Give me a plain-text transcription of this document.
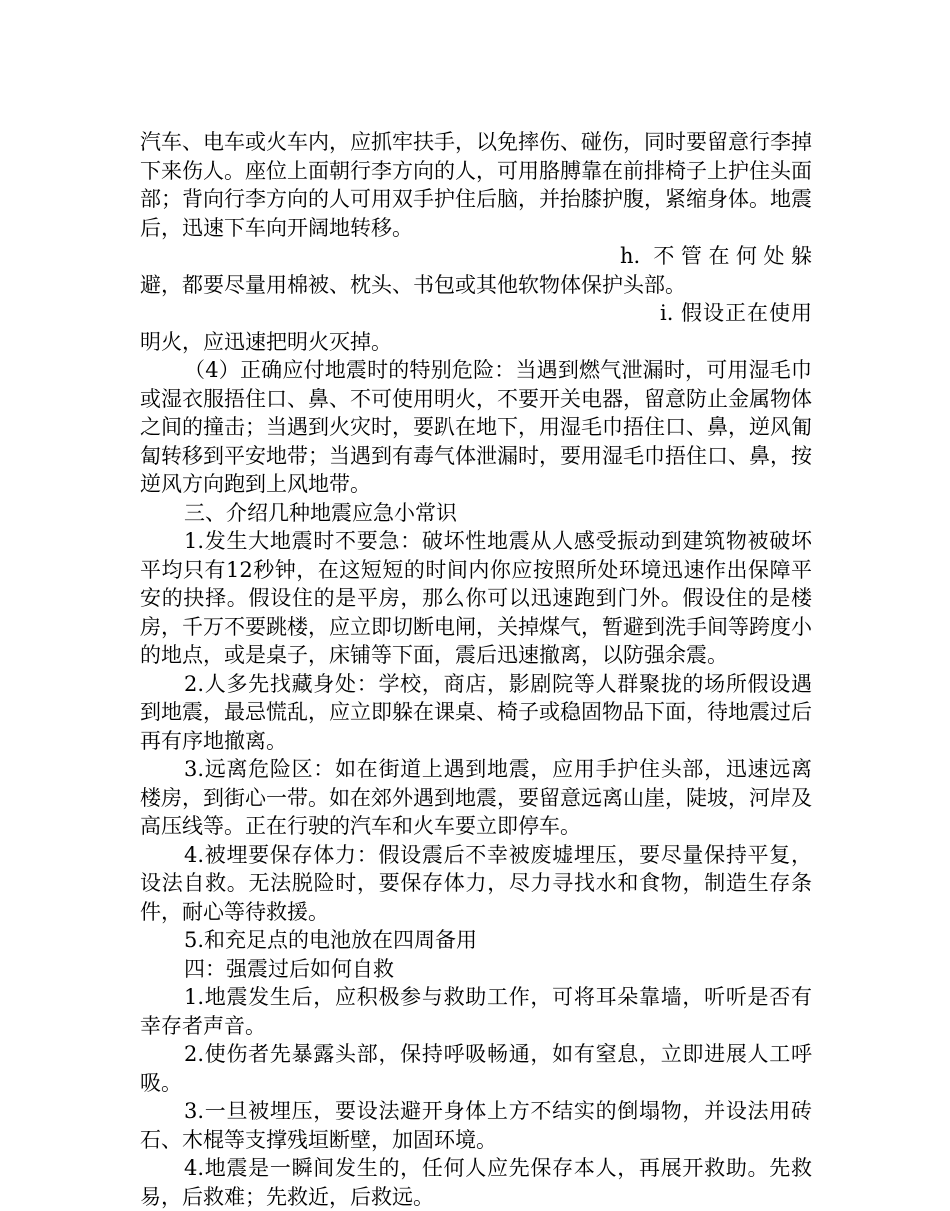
汽车、电车或火车内，应抓牢扶手，以免摔伤、碰伤，同时要留意行李掉下来伤人。座位上面朝行李方向的人，可用胳膊靠在前排椅子上护住头面部；背向行李方向的人可用双手护住后脑，并抬膝护腹，紧缩身体。地震后，迅速下车向开阔地转移。

h. 不管在何处躲避，都要尽量用棉被、枕头、书包或其他软物体保护头部。

i. 假设正在使用明火，应迅速把明火灭掉。

（4）正确应付地震时的特别危险：当遇到燃气泄漏时，可用湿毛巾或湿衣服捂住口、鼻、不可使用明火，不要开关电器，留意防止金属物体之间的撞击；当遇到火灾时，要趴在地下，用湿毛巾捂住口、鼻，逆风匍匐转移到平安地带；当遇到有毒气体泄漏时，要用湿毛巾捂住口、鼻，按逆风方向跑到上风地带。

三、介绍几种地震应急小常识

1.发生大地震时不要急：破坏性地震从人感受振动到建筑物被破坏平均只有12秒钟，在这短短的时间内你应按照所处环境迅速作出保障平安的抉择。假设住的是平房，那么你可以迅速跑到门外。假设住的是楼房，千万不要跳楼，应立即切断电闸，关掉煤气，暂避到洗手间等跨度小的地点，或是桌子，床铺等下面，震后迅速撤离，以防强余震。

2.人多先找藏身处：学校，商店，影剧院等人群聚拢的场所假设遇到地震，最忌慌乱，应立即躲在课桌、椅子或稳固物品下面，待地震过后再有序地撤离。

3.远离危险区：如在街道上遇到地震，应用手护住头部，迅速远离楼房，到街心一带。如在郊外遇到地震，要留意远离山崖，陡坡，河岸及高压线等。正在行驶的汽车和火车要立即停车。

4.被埋要保存体力：假设震后不幸被废墟埋压，要尽量保持平复，设法自救。无法脱险时，要保存体力，尽力寻找水和食物，制造生存条件，耐心等待救援。

5.和充足点的电池放在四周备用

四：强震过后如何自救

1.地震发生后，应积极参与救助工作，可将耳朵靠墙，听听是否有幸存者声音。

2.使伤者先暴露头部，保持呼吸畅通，如有窒息，立即进展人工呼吸。

3.一旦被埋压，要设法避开身体上方不结实的倒塌物，并设法用砖石、木棍等支撑残垣断壁，加固环境。

4.地震是一瞬间发生的，任何人应先保存本人，再展开救助。先救易，后救难；先救近，后救远。
